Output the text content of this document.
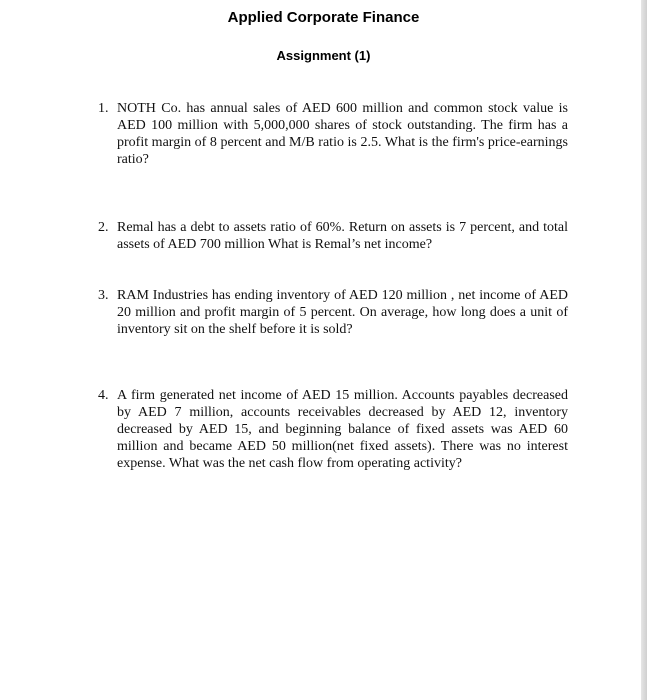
Applied Corporate Finance
Assignment (1)
1. NOTH Co. has annual sales of AED 600 million and common stock value is AED 100 million with 5,000,000 shares of stock outstanding. The firm has a profit margin of 8 percent and M/B ratio is 2.5. What is the firm's price-earnings ratio?
2. Remal has a debt to assets ratio of 60%. Return on assets is 7 percent, and total assets of AED 700 million What is Remal’s net income?
3. RAM Industries has ending inventory of AED 120 million , net income of AED 20 million and profit margin of 5 percent. On average, how long does a unit of inventory sit on the shelf before it is sold?
4. A firm generated net income of AED 15 million. Accounts payables decreased by AED 7 million, accounts receivables decreased by AED 12, inventory decreased by AED 15, and beginning balance of fixed assets was AED 60 million and became AED 50 million(net fixed assets). There was no interest expense. What was the net cash flow from operating activity?
